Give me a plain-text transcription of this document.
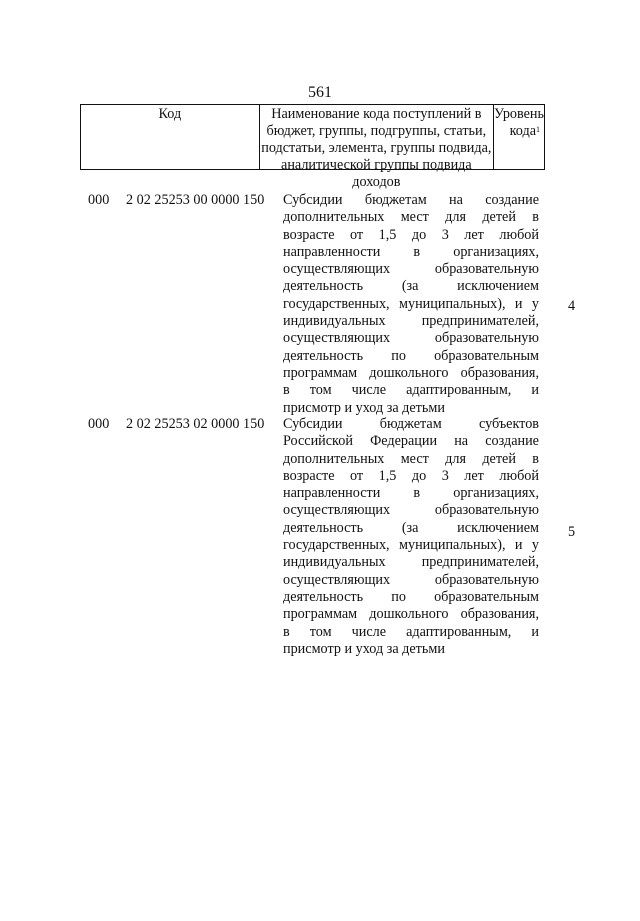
561
Код	Наименование кода поступлений в
бюджет, группы, подгруппы, статьи,
подстатьи, элемента, группы подвида,
аналитической группы подвида доходов
Уровень
кода$^1$
000 2 02 25253 00 0000 150 Субсидии бюджетам на создание
дополнительных мест для детей в
возрасте от 1,5 до 3 лет любой
направленности в организациях,
осуществляющих образовательную
деятельность (за исключением
государственных, муниципальных), и у
индивидуальных предпринимателей,
осуществляющих образовательную
деятельность по образовательным
программам дошкольного образования,
в том числе адаптированным, и
присмотр и уход за детьми
4
000 2 02 25253 02 0000 150 Субсидии бюджетам субъектов
Российской Федерации на создание
дополнительных мест для детей в
возрасте от 1,5 до 3 лет любой
направленности в организациях,
осуществляющих образовательную
деятельность (за исключением
государственных, муниципальных), и у
индивидуальных предпринимателей,
осуществляющих образовательную
деятельность по образовательным
программам дошкольного образования,
в том числе адаптированным, и
присмотр и уход за детьми
5
